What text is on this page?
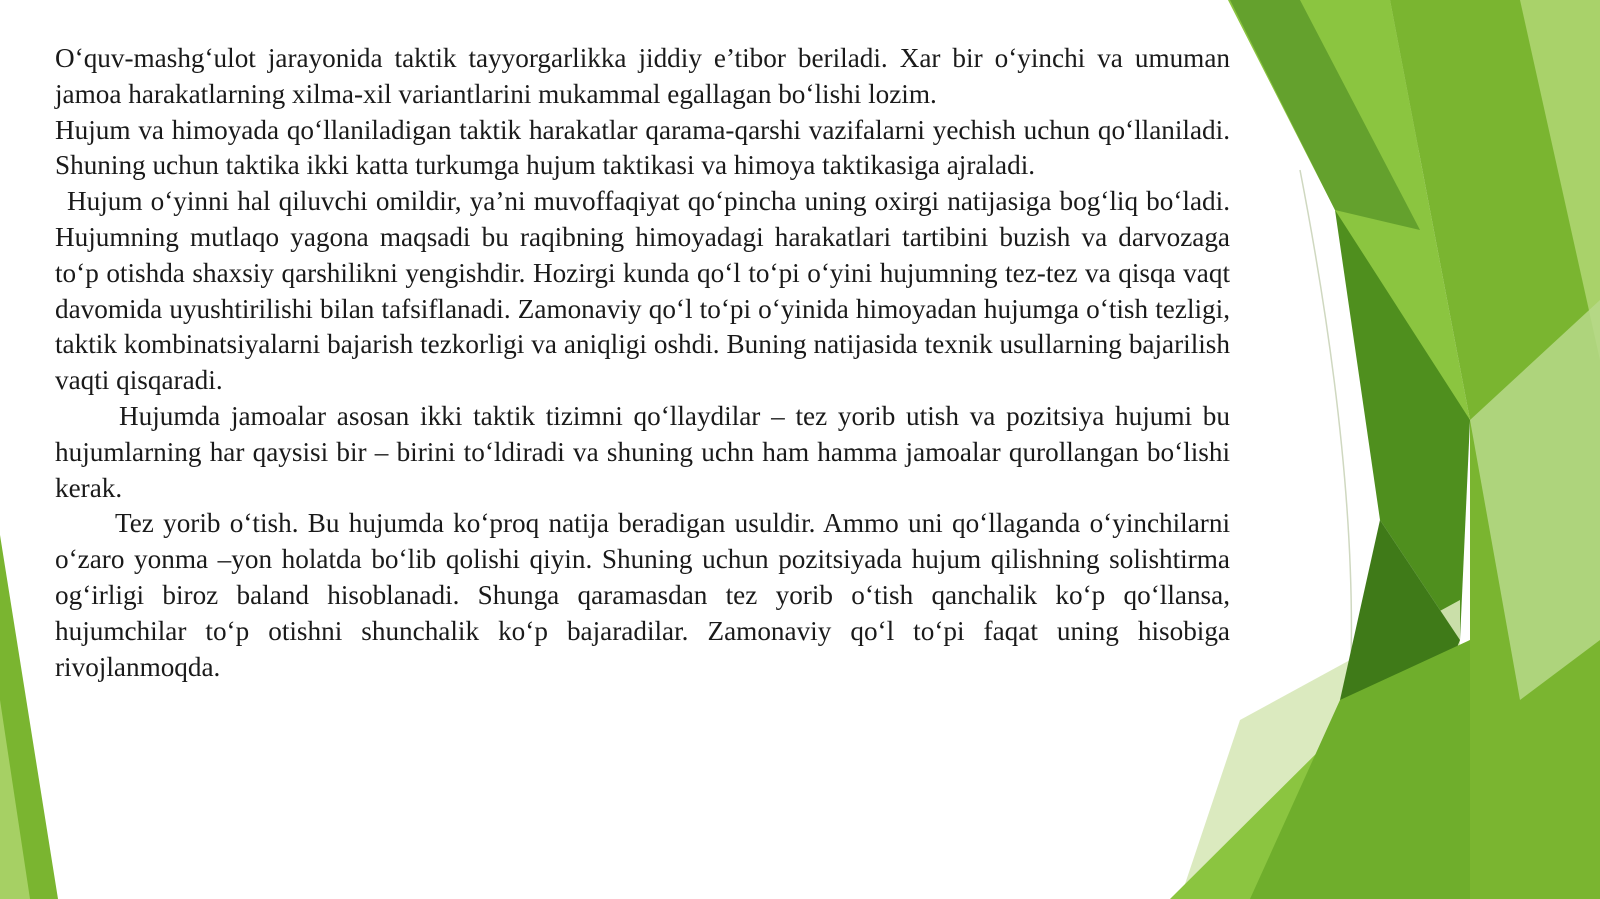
O‘quv-mashg‘ulot jarayonida taktik tayyorgarlikka jiddiy e’tibor beriladi. Xar bir o‘yinchi va umuman jamoa harakatlarning xilma-xil variantlarini mukammal egallagan bo‘lishi lozim.

Hujum va himoyada qo‘llaniladigan taktik harakatlar qarama-qarshi vazifalarni yechish uchun qo‘llaniladi. Shuning uchun taktika ikki katta turkumga hujum taktikasi va himoya taktikasiga ajraladi.

Hujum o‘yinni hal qiluvchi omildir, ya’ni muvoffaqiyat qo‘pincha uning oxirgi natijasiga bog‘liq bo‘ladi. Hujumning mutlaqo yagona maqsadi bu raqibning himoyadagi harakatlari tartibini buzish va darvozaga to‘p otishda shaxsiy qarshilikni yengishdir. Hozirgi kunda qo‘l to‘pi o‘yini hujumning tez-tez va qisqa vaqt davomida uyushtirilishi bilan tafsiflanadi. Zamonaviy qo‘l to‘pi o‘yinida himoyadan hujumga o‘tish tezligi, taktik kombinatsiyalarni bajarish tezkorligi va aniqligi oshdi. Buning natijasida texnik usullarning bajarilish vaqti qisqaradi.

Hujumda jamoalar asosan ikki taktik tizimni qo‘llaydilar – tez yorib utish va pozitsiya hujumi bu hujumlarning har qaysisi bir – birini to‘ldiradi va shuning uchn ham hamma jamoalar qurollangan bo‘lishi kerak.

Tez yorib o‘tish. Bu hujumda ko‘proq natija beradigan usuldir. Ammo uni qo‘llaganda o‘yinchilarni o‘zaro yonma –yon holatda bo‘lib qolishi qiyin. Shuning uchun pozitsiyada hujum qilishning solishtirma og‘irligi biroz baland hisoblanadi. Shunga qaramasdan tez yorib o‘tish qanchalik ko‘p qo‘llansa, hujumchilar to‘p otishni shunchalik ko‘p bajaradilar. Zamonaviy qo‘l to‘pi faqat uning hisobiga rivojlanmoqda.
